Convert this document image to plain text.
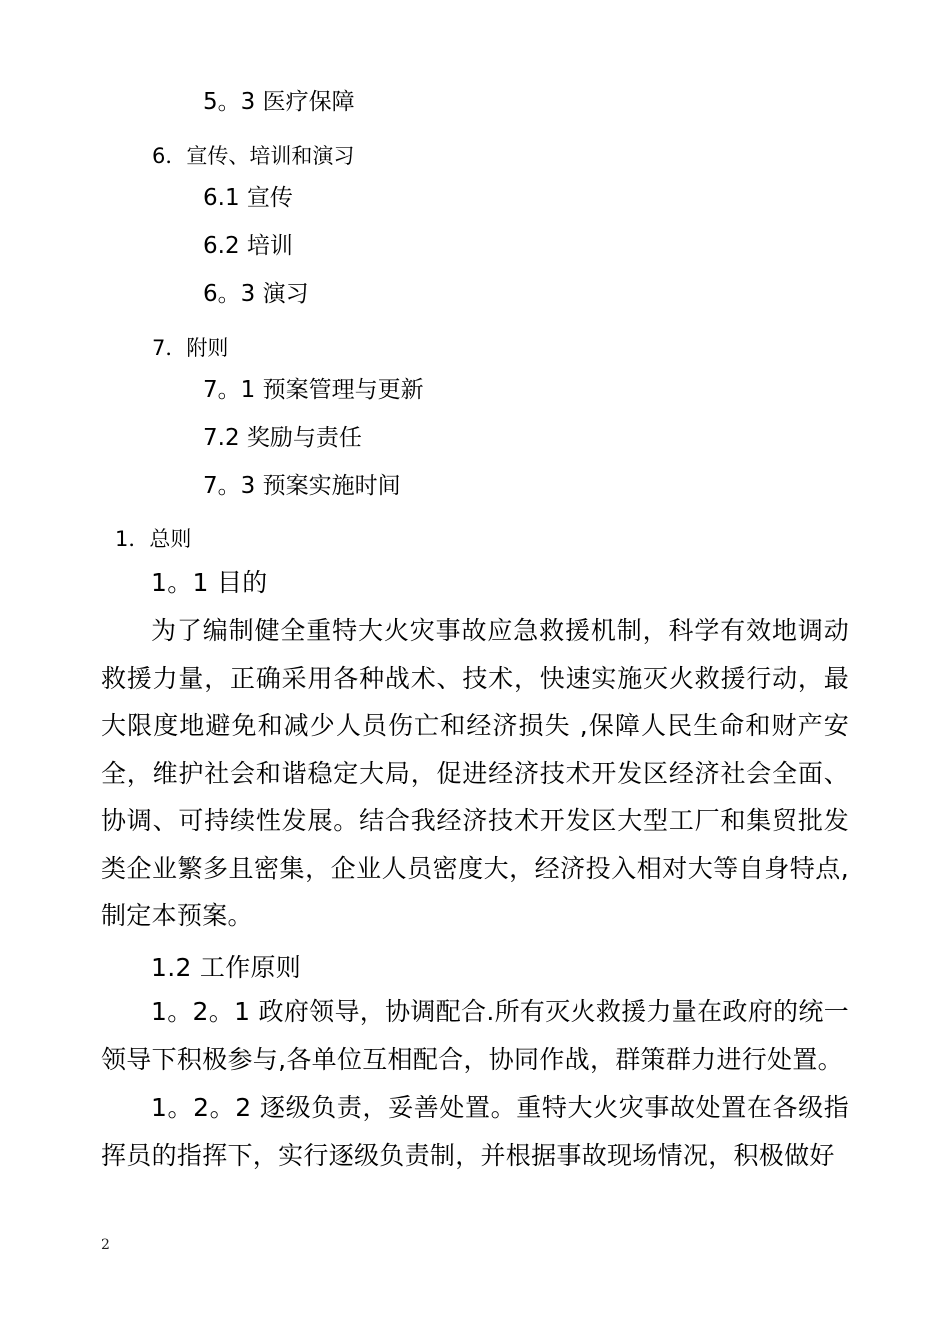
5。3 医疗保障
6．宣传、培训和演习
6.1 宣传
6.2 培训
6。3 演习
7．附则
7。1 预案管理与更新
7.2 奖励与责任
7。3 预案实施时间
1．总则
1。1 目的

为了编制健全重特大火灾事故应急救援机制，科学有效地调动救援力量，正确采用各种战术、技术，快速实施灭火救援行动，最大限度地避免和减少人员伤亡和经济损失 ,保障人民生命和财产安全，维护社会和谐稳定大局，促进经济技术开发区经济社会全面、协调、可持续性发展。结合我经济技术开发区大型工厂和集贸批发类企业繁多且密集，企业人员密度大，经济投入相对大等自身特点,制定本预案。

1.2 工作原则

1。2。1 政府领导，协调配合.所有灭火救援力量在政府的统一领导下积极参与,各单位互相配合，协同作战，群策群力进行处置。

1。2。2 逐级负责，妥善处置。重特大火灾事故处置在各级指挥员的指挥下，实行逐级负责制，并根据事故现场情况，积极做好

2
